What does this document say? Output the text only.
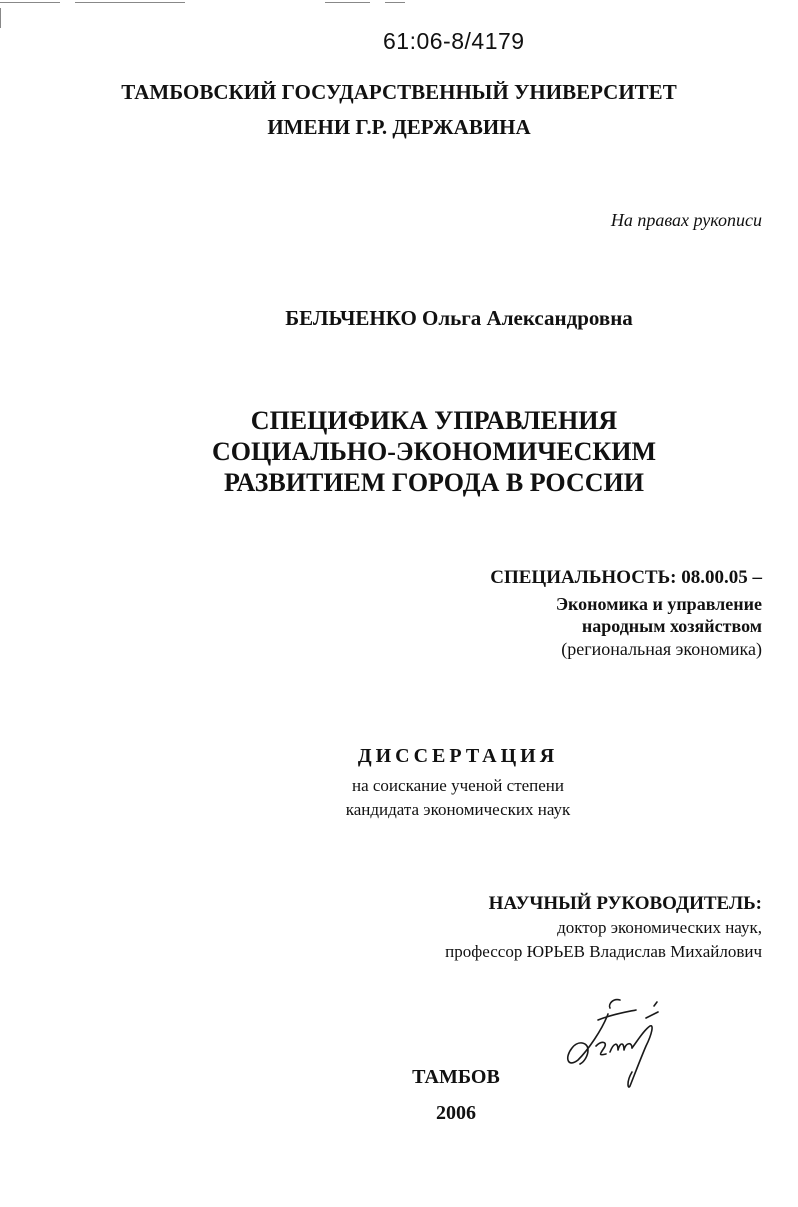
61:06-8/4179
ТАМБОВСКИЙ ГОСУДАРСТВЕННЫЙ УНИВЕРСИТЕТ
ИМЕНИ Г.Р. ДЕРЖАВИНА
На правах рукописи
БЕЛЬЧЕНКО Ольга Александровна
СПЕЦИФИКА УПРАВЛЕНИЯ
СОЦИАЛЬНО-ЭКОНОМИЧЕСКИМ
РАЗВИТИЕМ ГОРОДА В РОССИИ
СПЕЦИАЛЬНОСТЬ: 08.00.05 –
Экономика и управление
народным хозяйством
(региональная экономика)
ДИССЕРТАЦИЯ
на соискание ученой степени
кандидата экономических наук
НАУЧНЫЙ РУКОВОДИТЕЛЬ:
доктор экономических наук,
профессор ЮРЬЕВ Владислав Михайлович
ТАМБОВ
2006
